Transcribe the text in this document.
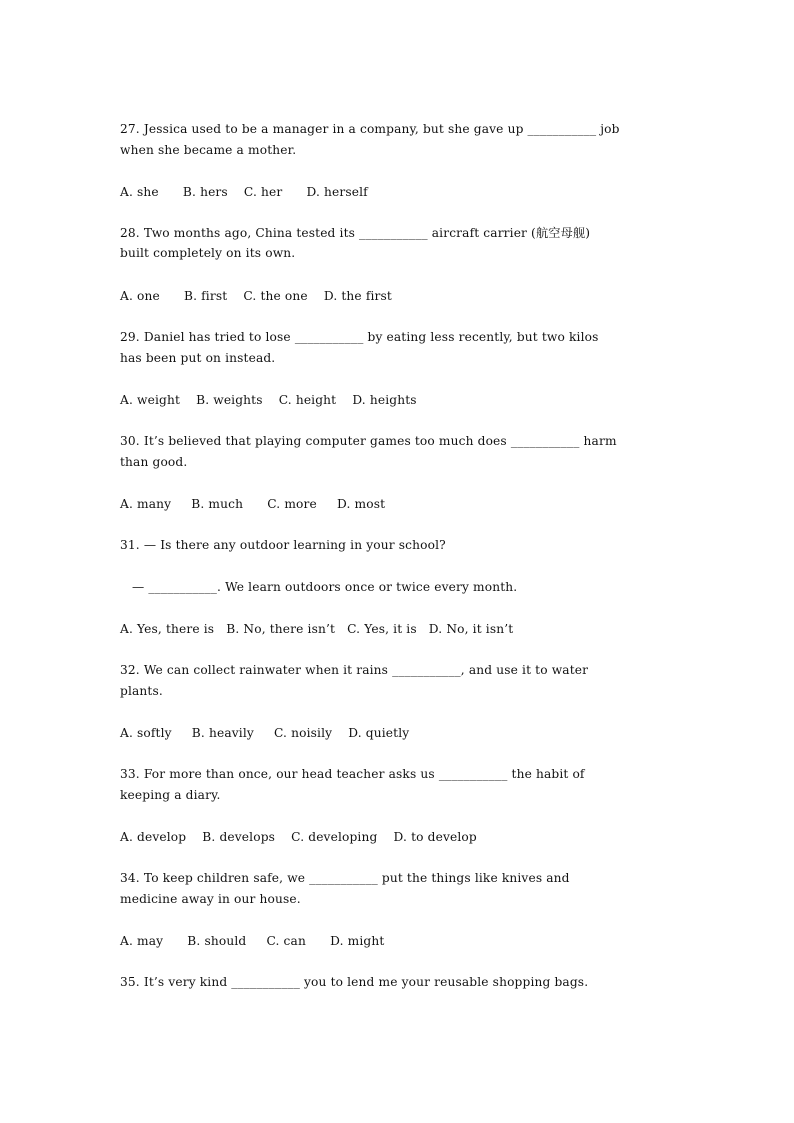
27. Jessica used to be a manager in a company, but she gave up ___________ job
when she became a mother.
A. she      B. hers    C. her      D. herself
28. Two months ago, China tested its ___________ aircraft carrier (航空母舰)
built completely on its own.
A. one      B. first    C. the one    D. the first
29. Daniel has tried to lose ___________ by eating less recently, but two kilos
has been put on instead.
A. weight    B. weights    C. height    D. heights
30. It’s believed that playing computer games too much does ___________ harm
than good.
A. many     B. much      C. more     D. most
31. — Is there any outdoor learning in your school?
— ___________. We learn outdoors once or twice every month.
A. Yes, there is   B. No, there isn’t   C. Yes, it is   D. No, it isn’t
32. We can collect rainwater when it rains ___________, and use it to water
plants.
A. softly     B. heavily     C. noisily    D. quietly
33. For more than once, our head teacher asks us ___________ the habit of
keeping a diary.
A. develop    B. develops    C. developing    D. to develop
34. To keep children safe, we ___________ put the things like knives and
medicine away in our house.
A. may      B. should     C. can      D. might
35. It’s very kind ___________ you to lend me your reusable shopping bags.
